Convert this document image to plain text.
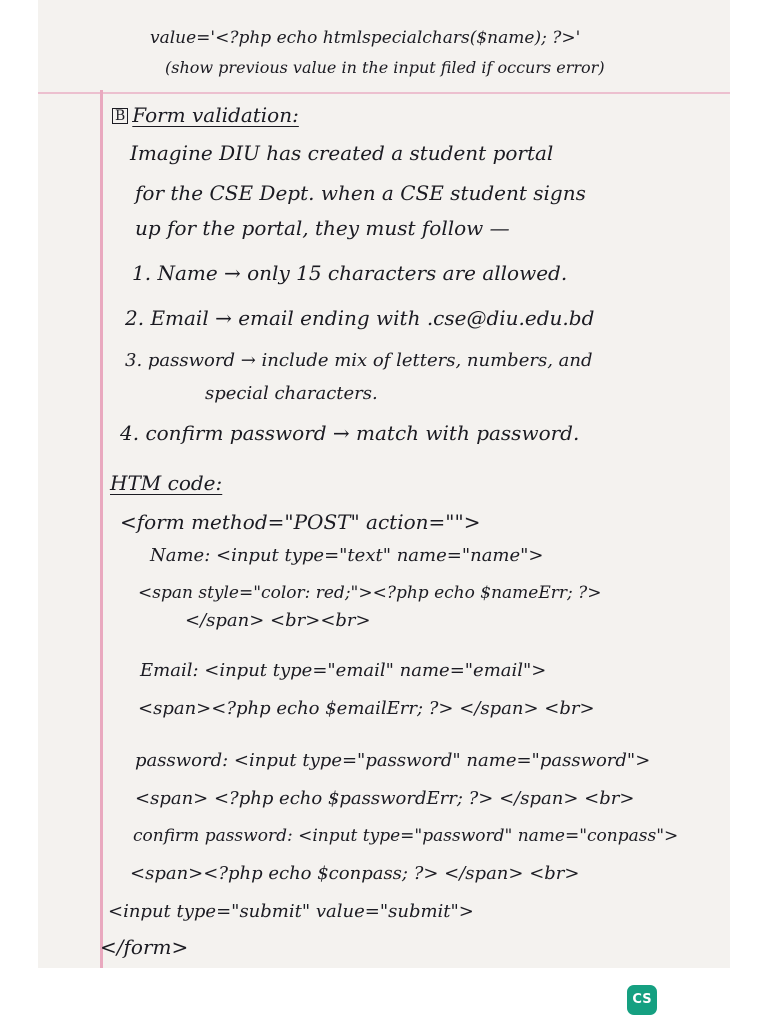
value='<?php echo htmlspecialchars($name); ?>'

(show previous value in the input filed if occurs error)

B Form validation:

Imagine DIU has created a student portal

for the CSE Dept. when a CSE student signs

up for the portal, they must follow —

1. Name → only 15 characters are allowed.

2. Email → email ending with .cse@diu.edu.bd

3. password → include mix of letters, numbers, and

special characters.

4. confirm password → match with password.

HTM code:

<form method="POST" action="">

Name: <input type="text" name="name">

<span style="color: red;"><?php echo $nameErr; ?>

</span> <br><br>

Email: <input type="email" name="email">

<span><?php echo $emailErr; ?> </span> <br>

password: <input type="password" name="password">

<span> <?php echo $passwordErr; ?> </span> <br>

confirm password: <input type="password" name="conpass">

<span><?php echo $conpass; ?> </span> <br>

<input type="submit" value="submit">

</form>

CS
